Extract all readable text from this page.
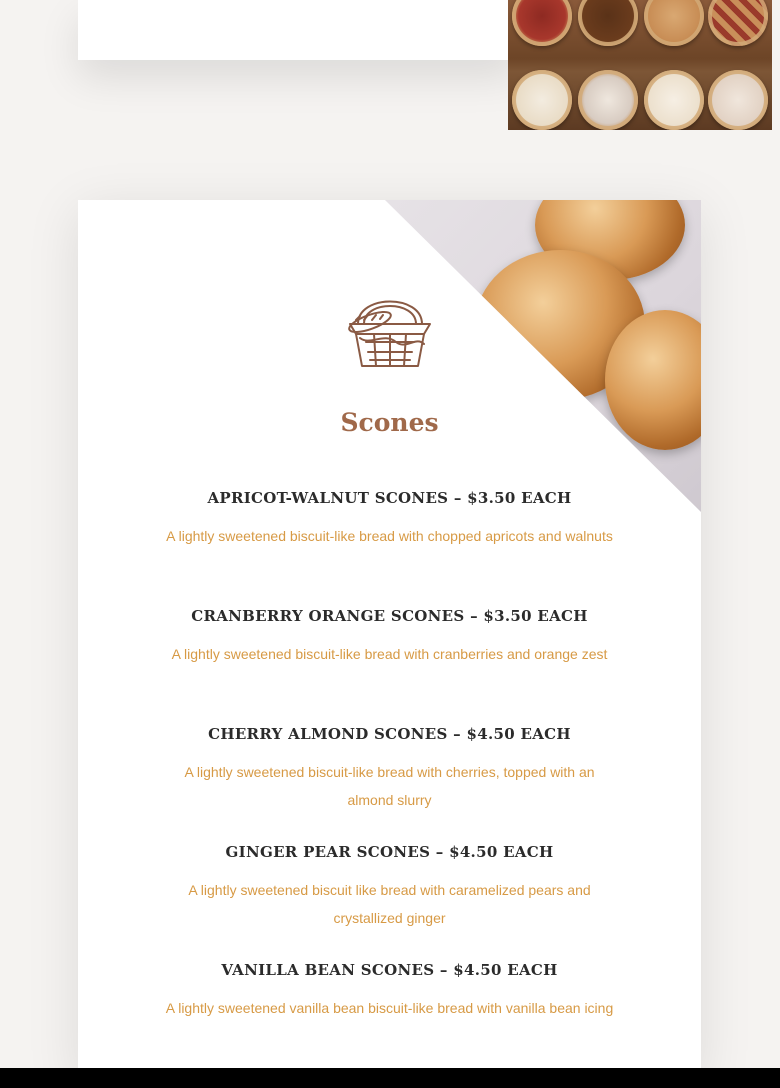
Scones
APRICOT-WALNUT SCONES – $3.50 EACH
A lightly sweetened biscuit-like bread with chopped apricots and walnuts
CRANBERRY ORANGE SCONES – $3.50 EACH
A lightly sweetened biscuit-like bread with cranberries and orange zest
CHERRY ALMOND SCONES – $4.50 EACH
A lightly sweetened biscuit-like bread with cherries, topped with an almond slurry
GINGER PEAR SCONES – $4.50 EACH
A lightly sweetened biscuit like bread with caramelized pears and crystallized ginger
VANILLA BEAN SCONES – $4.50 EACH
A lightly sweetened vanilla bean biscuit-like bread with vanilla bean icing
